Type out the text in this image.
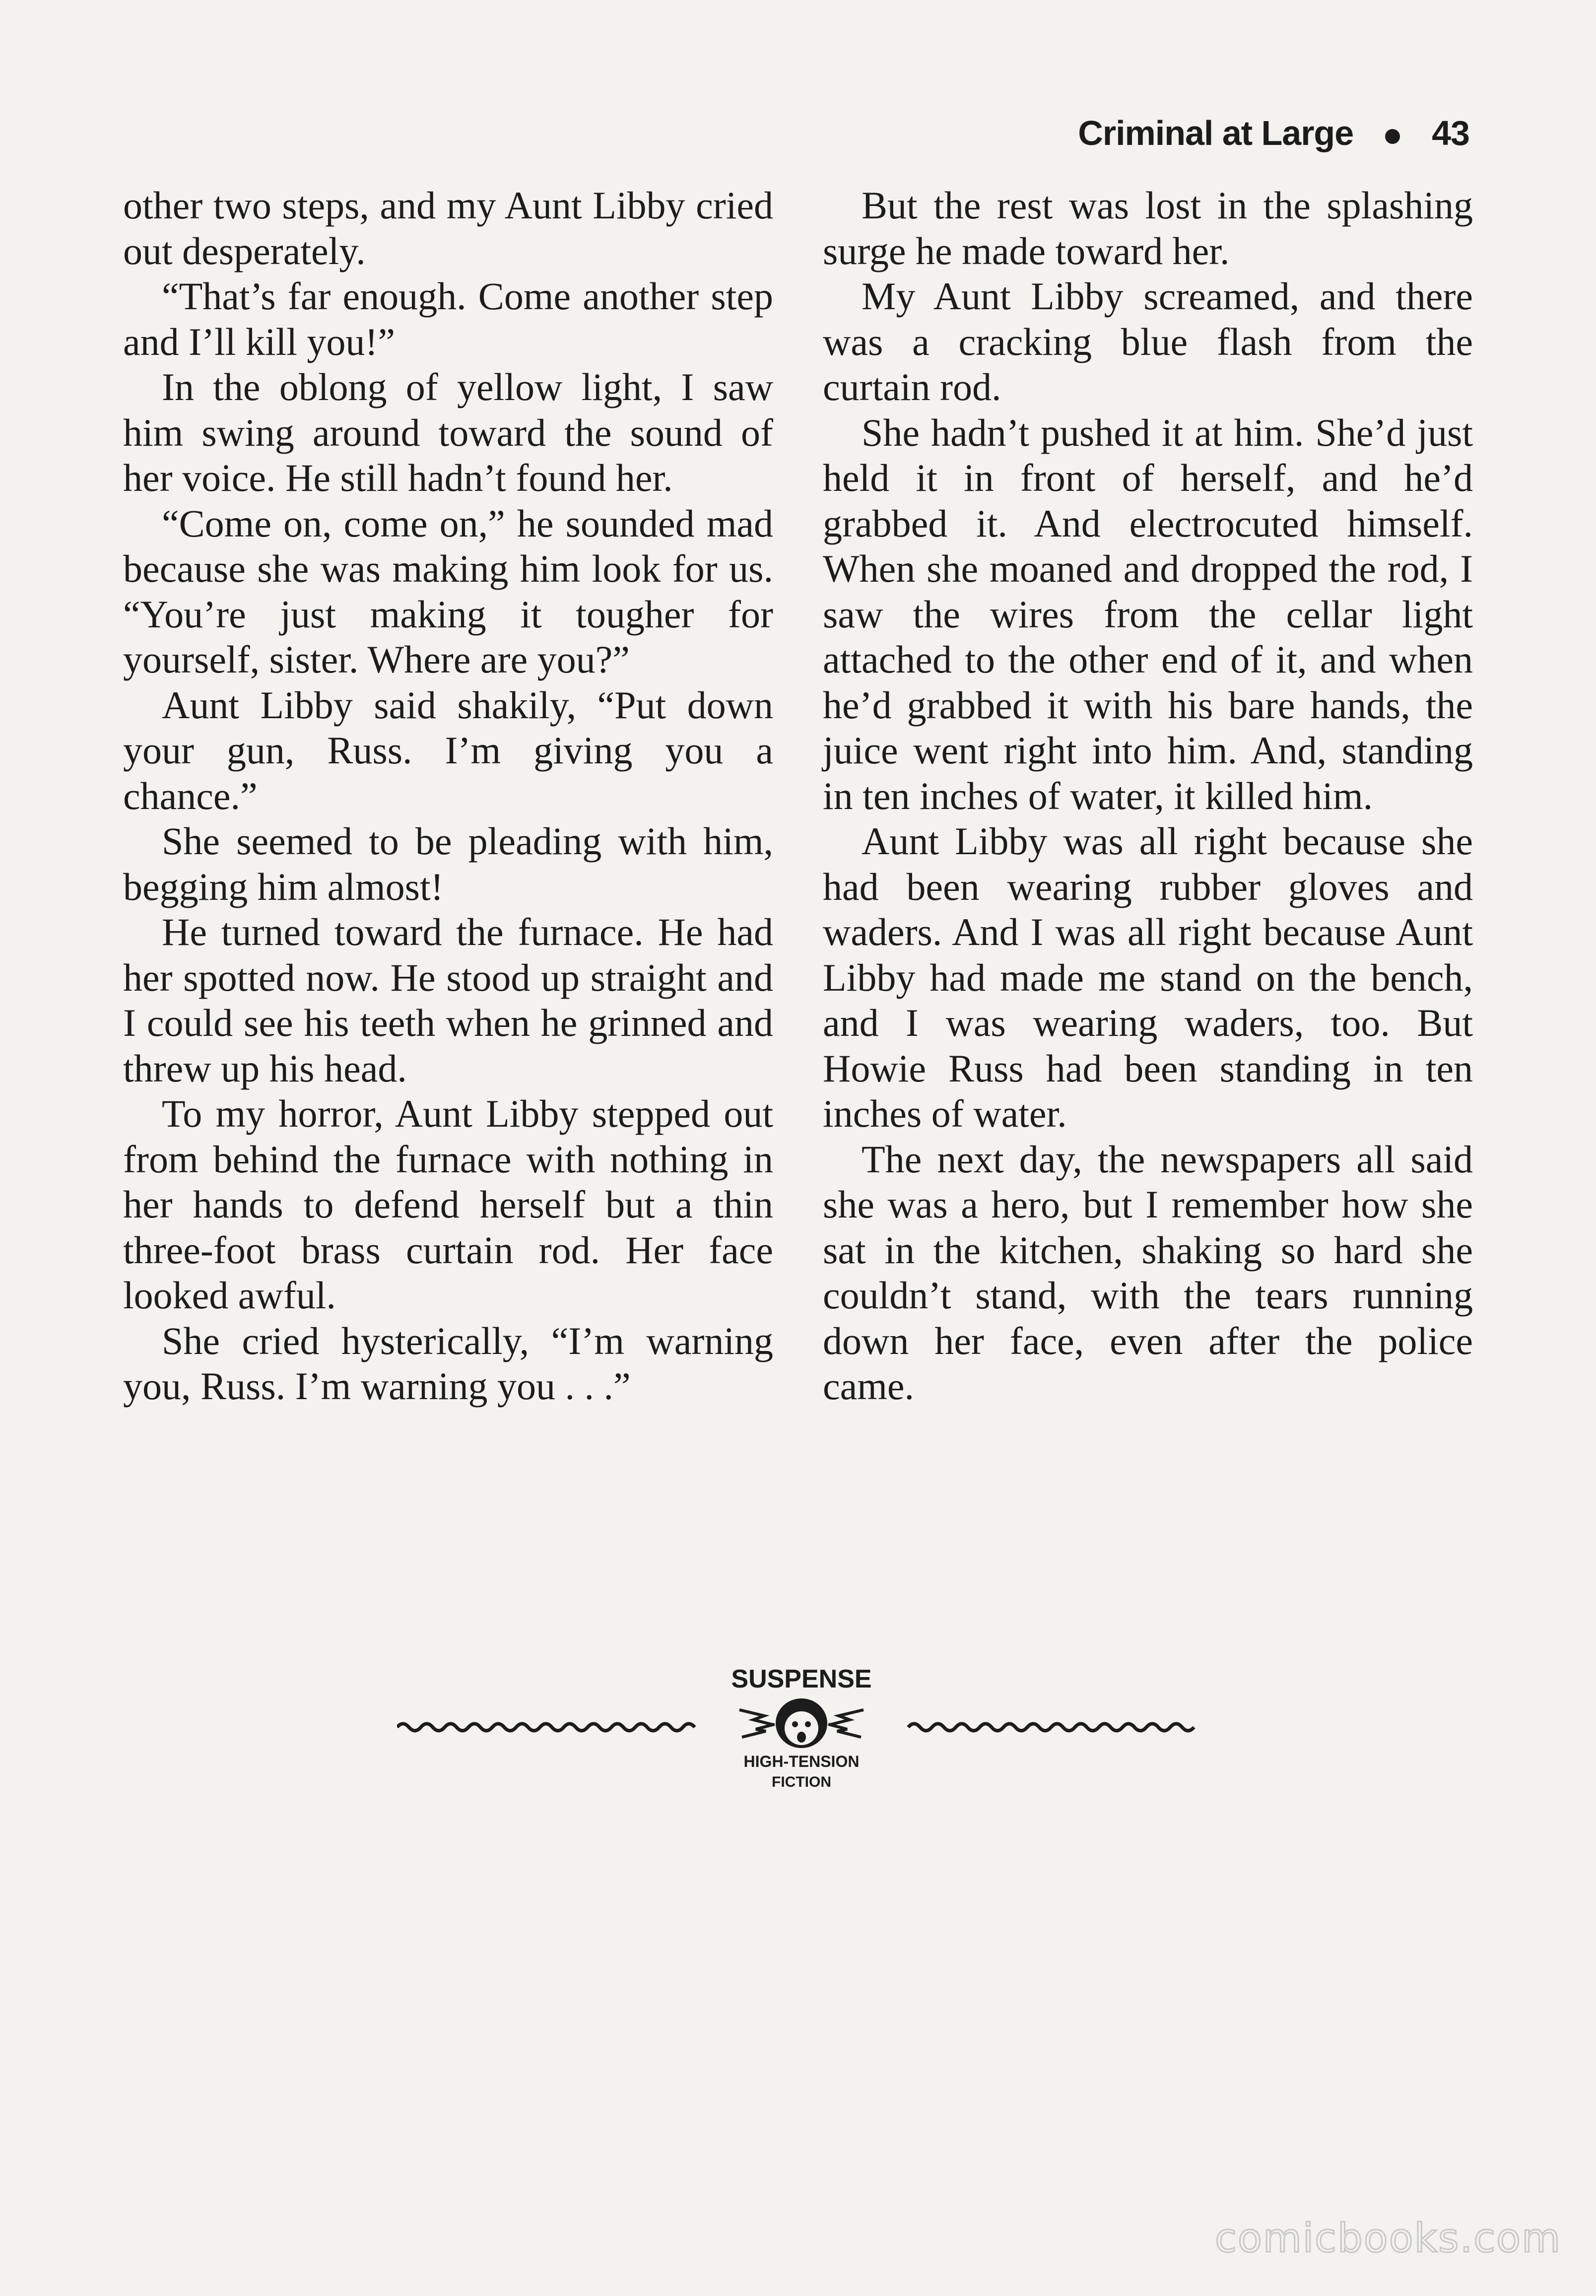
Criminal at Large 43

other two steps, and my Aunt Libby cried out desperately.

“That’s far enough. Come another step and I’ll kill you!”

In the oblong of yellow light, I saw him swing around toward the sound of her voice. He still hadn’t found her.

“Come on, come on,” he sounded mad because she was making him look for us. “You’re just making it tougher for yourself, sister. Where are you?”

Aunt Libby said shakily, “Put down your gun, Russ. I’m giving you a chance.”

She seemed to be pleading with him, begging him almost!

He turned toward the furnace. He had her spotted now. He stood up straight and I could see his teeth when he grinned and threw up his head.

To my horror, Aunt Libby stepped out from behind the furnace with nothing in her hands to defend herself but a thin three-foot brass curtain rod. Her face looked awful.

She cried hysterically, “I’m warning you, Russ. I’m warning you . . .”

But the rest was lost in the splashing surge he made toward her.

My Aunt Libby screamed, and there was a cracking blue flash from the curtain rod.

She hadn’t pushed it at him. She’d just held it in front of herself, and he’d grabbed it. And electrocuted himself. When she moaned and dropped the rod, I saw the wires from the cellar light attached to the other end of it, and when he’d grabbed it with his bare hands, the juice went right into him. And, standing in ten inches of water, it killed him.

Aunt Libby was all right because she had been wearing rubber gloves and waders. And I was all right because Aunt Libby had made me stand on the bench, and I was wearing waders, too. But Howie Russ had been standing in ten inches of water.

The next day, the newspapers all said she was a hero, but I remember how she sat in the kitchen, shaking so hard she couldn’t stand, with the tears running down her face, even after the police came.

SUSPENSE
HIGH-TENSION
FICTION
comicbooks.com
